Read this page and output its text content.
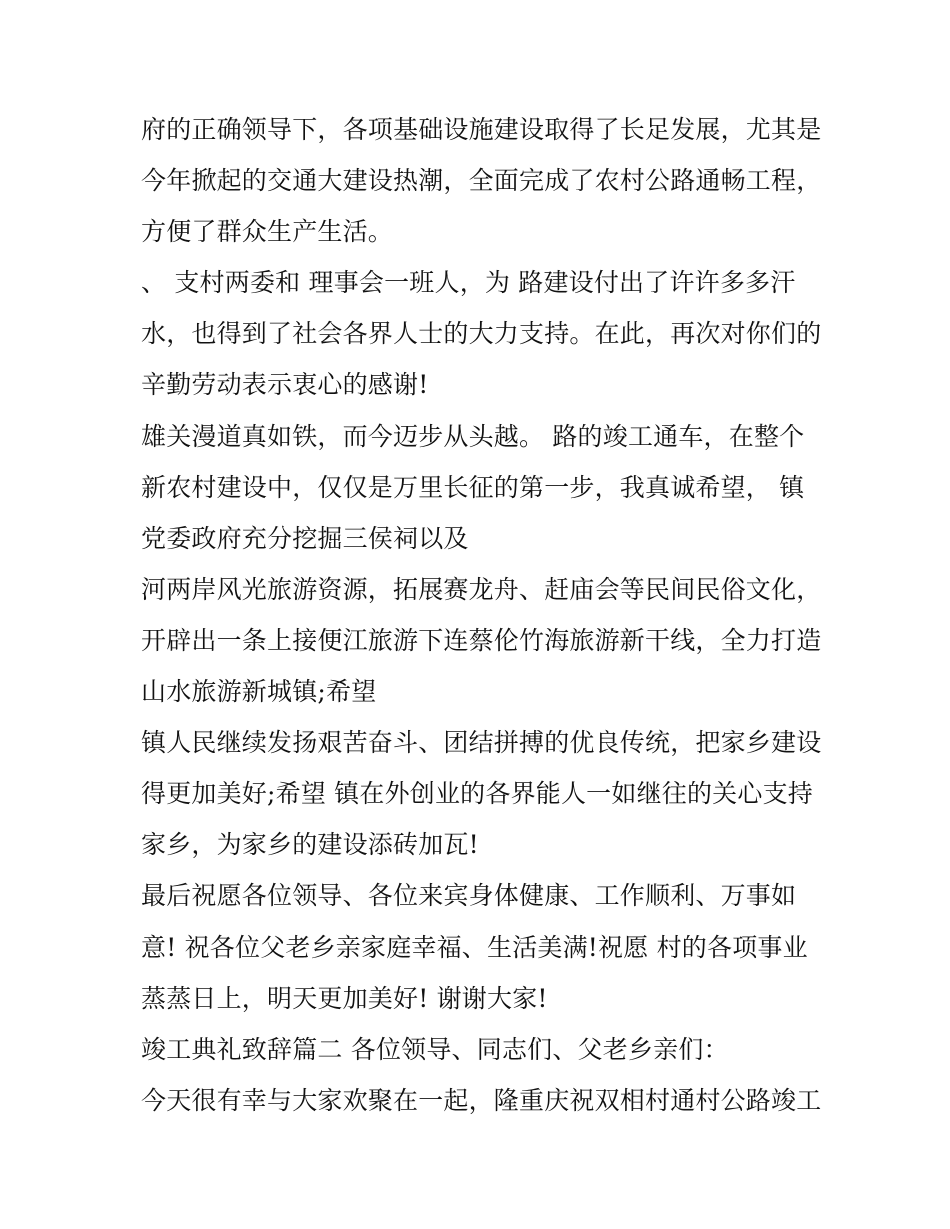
府的正确领导下，各项基础设施建设取得了长足发展，尤其是
今年掀起的交通大建设热潮，全面完成了农村公路通畅工程，
方便了群众生产生活。
、 支村两委和 理事会一班人，为 路建设付出了许许多多汗
水，也得到了社会各界人士的大力支持。在此，再次对你们的
辛勤劳动表示衷心的感谢!
雄关漫道真如铁，而今迈步从头越。 路的竣工通车，在整个
新农村建设中，仅仅是万里长征的第一步，我真诚希望， 镇
党委政府充分挖掘三侯祠以及
河两岸风光旅游资源，拓展赛龙舟、赶庙会等民间民俗文化，
开辟出一条上接便江旅游下连蔡伦竹海旅游新干线，全力打造
山水旅游新城镇;希望
镇人民继续发扬艰苦奋斗、团结拼搏的优良传统，把家乡建设
得更加美好;希望 镇在外创业的各界能人一如继往的关心支持
家乡，为家乡的建设添砖加瓦!
最后祝愿各位领导、各位来宾身体健康、工作顺利、万事如
意! 祝各位父老乡亲家庭幸福、生活美满!祝愿 村的各项事业
蒸蒸日上，明天更加美好! 谢谢大家!
竣工典礼致辞篇二 各位领导、同志们、父老乡亲们：
今天很有幸与大家欢聚在一起，隆重庆祝双相村通村公路竣工
